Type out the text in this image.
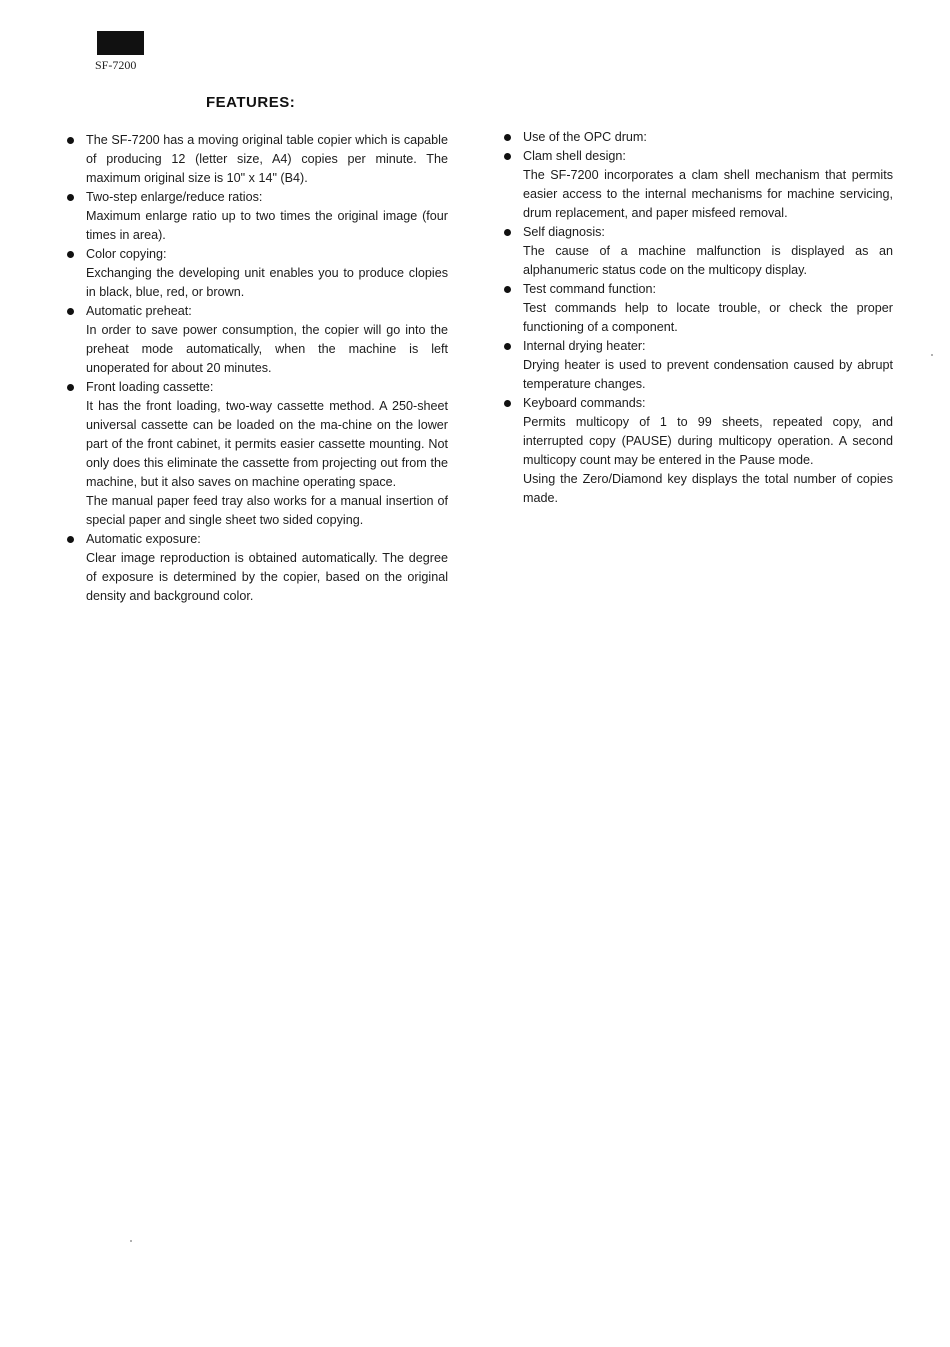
SF-7200
FEATURES:
The SF-7200 has a moving original table copier which is capable of producing 12 (letter size, A4) copies per minute. The maximum original size is 10" x 14" (B4).
Two-step enlarge/reduce ratios:
Maximum enlarge ratio up to two times the original image (four times in area).
Color copying:
Exchanging the developing unit enables you to produce clopies in black, blue, red, or brown.
Automatic preheat:
In order to save power consumption, the copier will go into the preheat mode automatically, when the machine is left unoperated for about 20 minutes.
Front loading cassette:
It has the front loading, two-way cassette method. A 250-sheet universal cassette can be loaded on the ma-chine on the lower part of the front cabinet, it permits easier cassette mounting. Not only does this eliminate the cassette from projecting out from the machine, but it also saves on machine operating space.
The manual paper feed tray also works for a manual insertion of special paper and single sheet two sided copying.
Automatic exposure:
Clear image reproduction is obtained automatically. The degree of exposure is determined by the copier, based on the original density and background color.
Use of the OPC drum:
Clam shell design:
The SF-7200 incorporates a clam shell mechanism that permits easier access to the internal mechanisms for machine servicing, drum replacement, and paper misfeed removal.
Self diagnosis:
The cause of a machine malfunction is displayed as an alphanumeric status code on the multicopy display.
Test command function:
Test commands help to locate trouble, or check the proper functioning of a component.
Internal drying heater:
Drying heater is used to prevent condensation caused by abrupt temperature changes.
Keyboard commands:
Permits multicopy of 1 to 99 sheets, repeated copy, and interrupted copy (PAUSE) during multicopy operation. A second multicopy count may be entered in the Pause mode.
Using the Zero/Diamond key displays the total number of copies made.
